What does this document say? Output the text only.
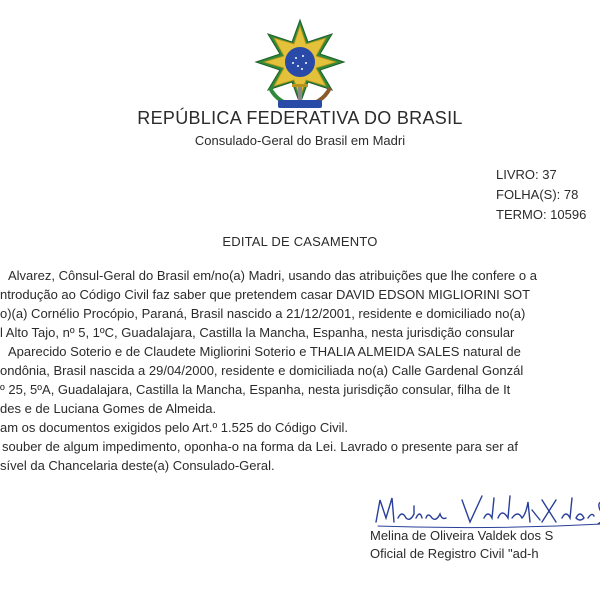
REPÚBLICA FEDERATIVA DO BRASIL
Consulado-Geral do Brasil em Madri
LIVRO: 37
FOLHA(S): 78
TERMO: 10596
EDITAL DE CASAMENTO
Alvarez, Cônsul-Geral do Brasil em/no(a) Madri, usando das atribuições que lhe confere o a
ntrodução ao Código Civil faz saber que pretendem casar DAVID EDSON MIGLIORINI SOT
o)(a) Cornélio Procópio, Paraná, Brasil nascido a 21/12/2001, residente e domiciliado no(a)
l Alto Tajo, nº 5, 1ºC, Guadalajara, Castilla la Mancha, Espanha, nesta jurisdição consular
Aparecido Soterio e de Claudete Migliorini Soterio e THALIA ALMEIDA SALES natural de
ondônia, Brasil nascida a 29/04/2000, residente e domiciliada no(a) Calle Gardenal Gonzál
º 25, 5ºA, Guadalajara, Castilla la Mancha, Espanha, nesta jurisdição consular, filha de It
des e de Luciana Gomes de Almeida.
am os documentos exigidos pelo Art.º 1.525 do Código Civil.
souber de algum impedimento, oponha-o na forma da Lei. Lavrado o presente para ser af
sível da Chancelaria deste(a) Consulado-Geral.
Melina de Oliveira Valdek dos S
Oficial de Registro Civil "ad-h
